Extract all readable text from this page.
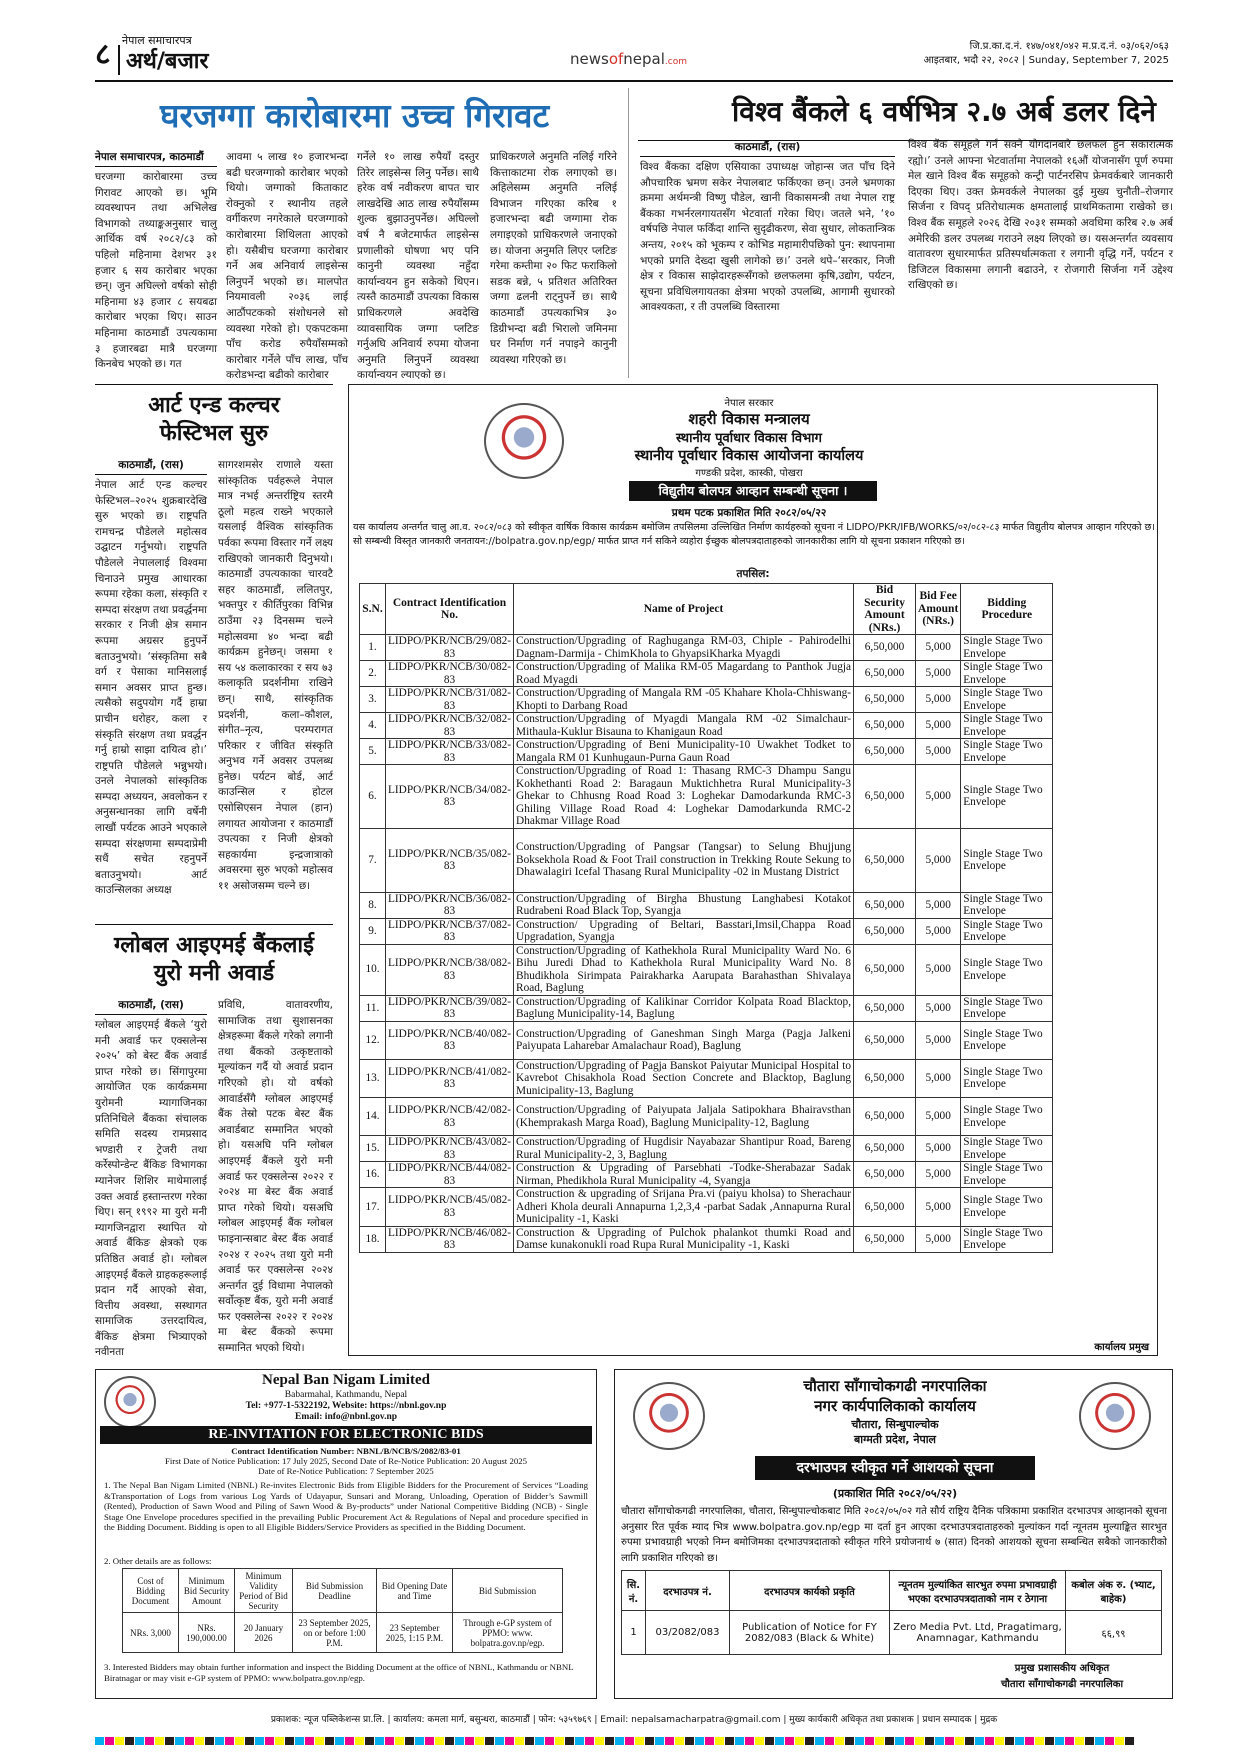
८ नेपाल समाचारपत्र
अर्थ/बजार	newsofnepal.com
जि.प्र.का.द.नं. १४७/०४१/०४२ म.प्र.द.नं. ०३/०६२/०६३
आइतबार, भदौ २२, २०८२ | Sunday, September 7, 2025
घरजग्गा कारोबारमा उच्च गिरावट
नेपाल समाचारपत्र, काठमाडौं
घरजग्गा कारोबारमा उच्च गिरावट आएको छ। भूमि व्यवस्थापन तथा अभिलेख विभागको तथ्याङ्कअनुसार चालु आर्थिक वर्ष २०८२/८३ को पहिलो महिनामा देशभर ३१ हजार ६ सय कारोबार भएका छन्। जुन अघिल्लो वर्षको सोही महिनामा ४३ हजार ८ सयबढा कारोबार भएका थिए। साउन महिनामा काठमाडौं उपत्यकामा ३ हजारबढा मात्रै घरजग्गा किनबेच भएको छ। गत
आवमा ५ लाख १० हजारभन्दा बढी घरजग्गाको कारोबार भएको थियो। जग्गाको किताकाट रोक्नुको र स्थानीय तहले वर्गीकरण नगरेकाले घरजग्गाको कारोबारमा शिथिलता आएको हो। यसैबीच घरजग्गा कारोबार गर्ने अब अनिवार्य लाइसेन्स लिनुपर्ने भएको छ। मालपोत नियमावली २०३६ लाई आठौंपटकको संशोधनले सो व्यवस्था गरेको हो। एकपटकमा पाँच करोड रुपैयाँसम्मको कारोबार गर्नेले पाँच लाख, पाँच करोडभन्दा बढीको कारोबार
गर्नेले १० लाख रुपैयाँ दस्तुर तिरेर लाइसेन्स लिनु पर्नेछ। साथै हरेक वर्ष नवीकरण बापत चार लाखदेखि आठ लाख रुपैयाँसम्म शुल्क बुझाउनुपर्नेछ। अघिल्लो वर्ष नै बजेटमार्फत लाइसेन्स प्रणालीको घोषणा भए पनि कानुनी व्यवस्था नहुँदा कार्यान्वयन हुन सकेको थिएन। त्यस्तै काठमाडौं उपत्यका विकास प्राधिकरणले अवदेखि व्यावसायिक जग्गा प्लटिङ गर्नुअघि अनिवार्य रुपमा योजना अनुमति लिनुपर्ने व्यवस्था कार्यान्वयन ल्याएको छ।
प्राधिकरणले अनुमति नलिई गरिने कित्ताकाटमा रोक लगाएको छ। अहिलेसम्म अनुमति नलिई विभाजन गरिएका करिब १ हजारभन्दा बढी जग्गामा रोक लगाइएको प्राधिकरणले जनाएको छ। योजना अनुमति लिएर प्लटिङ गरेमा कम्तीमा २० फिट फराकिलो सडक बन्ने, ५ प्रतिशत अतिरिक्त जग्गा ढलनी राट्नुपर्ने छ। साथै काठमाडौं उपत्यकाभित्र ३० डिग्रीभन्दा बढी भिरालो जमिनमा घर निर्माण गर्न नपाइने कानुनी व्यवस्था गरिएको छ।
विश्व बैंकले ६ वर्षभित्र २.७ अर्ब डलर दिने
काठमाडौं, (रास)
विश्व बैंकका दक्षिण एसियाका उपाध्यक्ष जोहान्स जत पाँच दिने औपचारिक भ्रमण सकेर नेपालबाट फर्किएका छन्। उनले भ्रमणका क्रममा अर्थमन्त्री विष्णु पौडेल, खानी विकासमन्त्री तथा नेपाल राष्ट्र बैंकका गभर्नरलगायतसँग भेटवार्ता गरेका थिए। जतले भने, ‘१० वर्षपछि नेपाल फर्किंदा शान्ति सुदृढीकरण, सेवा सुधार, लोकतान्त्रिक अन्तय, २०१५ को भूकम्प र कोभिड महामारीपछिको पुन: स्थापनामा भएको प्रगति देख्दा खुसी लागेको छ।’ उनले थपे–‘सरकार, निजी क्षेत्र र विकास साझेदारहरूसँगको छलफलमा कृषि,उद्योग, पर्यटन, सूचना प्रविधिलगायतका क्षेत्रमा भएको उपलब्धि, आगामी सुधारको आवश्यकता, र ती उपलब्धि विस्तारमा
विश्व बैंक समूहले गर्न सक्ने योगदानबारे छलफल हुन सकारात्मक रह्यो।’ उनले आफ्ना भेटवार्तामा नेपालको १६औं योजनासँग पूर्ण रुपमा मेल खाने विश्व बैंक समूहको कन्ट्री पार्टनरसिप फ्रेमवर्कबारे जानकारी दिएका थिए। उक्त फ्रेमवर्कले नेपालका दुई मुख्य चुनौती–रोजगार सिर्जना र विपद् प्रतिरोधात्मक क्षमतालाई प्राथमिकतामा राखेको छ। विश्व बैंक समूहले २०२६ देखि २०३१ सम्मको अवधिमा करिब २.७ अर्ब अमेरिकी डलर उपलब्ध गराउने लक्ष्य लिएको छ। यसअन्तर्गत व्यवसाय वातावरण सुधारमार्फत प्रतिस्पर्धात्मकता र लगानी वृद्धि गर्ने, पर्यटन र डिजिटल विकासमा लगानी बढाउने, र रोजगारी सिर्जना गर्ने उद्देश्य राखिएको छ।
आर्ट एन्ड कल्चर
फेस्टिभल सुरु
काठमाडौं, (रास)
नेपाल आर्ट एन्ड कल्चर फेस्टिभल–२०२५ शुक्रबारदेखि सुरु भएको छ। राष्ट्रपति रामचन्द्र पौडेलले महोत्सव उद्घाटन गर्नुभयो। राष्ट्रपति पौडेलले नेपाललाई विश्वमा चिनाउने प्रमुख आधारका रूपमा रहेका कला, संस्कृति र सम्पदा संरक्षण तथा प्रवर्द्धनमा सरकार र निजी क्षेत्र समान रूपमा अग्रसर हुनुपर्ने बताउनुभयो। ‘संस्कृतिमा सबै वर्ग र पेसाका मानिसलाई समान अवसर प्राप्त हुन्छ। त्यसैको सदुपयोग गर्दै हाम्रा प्राचीन धरोहर, कला र संस्कृति संरक्षण तथा प्रवर्द्धन गर्नु हाम्रो साझा दायित्व हो।’ राष्ट्रपति पौडेलले भन्नुभयो। उनले नेपालको सांस्कृतिक सम्पदा अध्ययन, अवलोकन र अनुसन्धानका लागि वर्षेनी लाखौं पर्यटक आउने भएकाले सम्पदा संरक्षणमा सम्पदाप्रेमी सधैं सचेत रहनुपर्ने बताउनुभयो। आर्ट काउन्सिलका अध्यक्ष
सागरशमसेर राणाले यस्ता सांस्कृतिक पर्वहरूले नेपाल मात्र नभई अन्तर्राष्ट्रिय स्तरमै ठूलो महत्व राख्ने भएकाले यसलाई वैश्विक सांस्कृतिक पर्वका रूपमा विस्तार गर्ने लक्ष्य राखिएको जानकारी दिनुभयो। काठमाडौं उपत्यकाका चारवटै सहर काठमाडौं, ललितपुर, भक्तपुर र कीर्तिपुरका विभिन्न ठाउँमा २३ दिनसम्म चल्ने महोत्सवमा ४० भन्दा बढी कार्यक्रम हुनेछन्। जसमा १ सय ५४ कलाकारका र सय ७३ कलाकृति प्रदर्शनीमा राखिने छन्। साथै, सांस्कृतिक प्रदर्शनी, कला–कौशल, संगीत–नृत्य, परम्परागत परिकार र जीवित संस्कृति अनुभव गर्ने अवसर उपलब्ध हुनेछ। पर्यटन बोर्ड, आर्ट काउन्सिल र होटल एसोसिएसन नेपाल (हान) लगायत आयोजना र काठमाडौं उपत्यका र निजी क्षेत्रको सहकार्यमा इन्द्रजात्राको अवसरमा सुरु भएको महोत्सव ११ असोजसम्म चल्ने छ।
ग्लोबल आइएमई बैंकलाई
युरो मनी अवार्ड
काठमाडौं, (रास)
ग्लोबल आइएमई बैंकले ‘युरो मनी अवार्ड फर एक्सलेन्स २०२५’ को बेस्ट बैंक अवार्ड प्राप्त गरेको छ। सिंगापुरमा आयोजित एक कार्यक्रममा युरोमनी म्यागाजिनका प्रतिनिधिले बैंकका संचालक समिति सदस्य रामप्रसाद भण्डारी र ट्रेजरी तथा कर्रेस्पोन्डेन्ट बैंकिङ विभागका म्यानेजर शिशिर माथेमालाई उक्त अवार्ड हस्तान्तरण गरेका थिए। सन् १९९२ मा युरो मनी म्यागजिनद्वारा स्थापित यो अवार्ड बैंकिङ क्षेत्रको एक प्रतिष्ठित अवार्ड हो। ग्लोबल आइएमई बैंकले ग्राहकहरूलाई प्रदान गर्दै आएको सेवा, वित्तीय अवस्था, सस्थागत सामाजिक उत्तरदायित्व, बैंकिङ क्षेत्रमा भित्र्याएको नवीनता
प्रविधि, वातावरणीय, सामाजिक तथा सुशासनका क्षेत्रहरूमा बैंकले गरेको लगानी तथा बैंकको उत्कृष्टताको मूल्यांकन गर्दै यो अवार्ड प्रदान गरिएको हो। यो वर्षको आवार्डसँगै ग्लोबल आइएमई बैंक तेस्रो पटक बेस्ट बैंक अवार्डबाट सम्मानित भएको हो। यसअघि पनि ग्लोबल आइएमई बैंकले युरो मनी अवार्ड फर एक्सलेन्स २०२२ र २०२४ मा बेस्ट बैंक अवार्ड प्राप्त गरेको थियो। यसअघि ग्लोबल आइएमई बैंक ग्लोबल फाइनान्सबाट बेस्ट बैंक अवार्ड २०२४ र २०२५ तथा युरो मनी अवार्ड फर एक्सलेन्स २०२४ अन्तर्गत दुई विधामा नेपालको सर्वोत्कृष्ट बैंक, युरो मनी अवार्ड फर एक्सलेन्स २०२२ र २०२४ मा बेस्ट बैंकको रूपमा सम्मानित भएको थियो।
नेपाल सरकार
शहरी विकास मन्त्रालय
स्थानीय पूर्वाधार विकास विभाग
स्थानीय पूर्वाधार विकास आयोजना कार्यालय
गण्डकी प्रदेश, कास्की, पोखरा
विद्युतीय बोलपत्र आव्हान सम्बन्धी सूचना ।
प्रथम पटक प्रकाशित मिति २०८२/०५/२२
यस कार्यालय अन्तर्गत चालु आ.व. २०८२/०८३ को स्वीकृत वार्षिक विकास कार्यक्रम बमोजिम तपसिलमा उल्लिखित निर्माण कार्यहरुको सूचना नं LIDPO/PKR/IFB/WORKS/०२/०८२-८३ मार्फत विद्युतीय बोलपत्र आव्हान गरिएको छ। सो सम्बन्धी विस्तृत जानकारी जनतायन://bolpatra.gov.np/egp/ मार्फत प्राप्त गर्न सकिने व्यहोरा ईच्छुक बोलपत्रदाताहरुको जानकारीका लागि यो सूचना प्रकाशन गरिएको छ।
तपसिल:
S.N.	Contract Identification No.	Name of Project	Bid Security Amount (NRs.)	Bid Fee Amount (NRs.)	Bidding Procedure
1.	LIDPO/PKR/NCB/29/082-83	Construction/Upgrading of Raghuganga RM-03, Chiple - Pahirodelhi Dagnam-Darmija - ChimKhola to GhyapsiKharka Myagdi	6,50,000	5,000	Single Stage Two Envelope
2.	LIDPO/PKR/NCB/30/082-83	Construction/Upgrading of Malika RM-05 Magardang to Panthok Jugja Road Myagdi	6,50,000	5,000	Single Stage Two Envelope
3.	LIDPO/PKR/NCB/31/082-83	Construction/Upgrading of Mangala RM -05 Khahare Khola-Chhiswang-Khopti to Darbang Road	6,50,000	5,000	Single Stage Two Envelope
4.	LIDPO/PKR/NCB/32/082-83	Construction/Upgrading of Myagdi Mangala RM -02 Simalchaur-Mithaula-Kuklur Bisauna to Khanigaun Road	6,50,000	5,000	Single Stage Two Envelope
5.	LIDPO/PKR/NCB/33/082-83	Construction/Upgrading of Beni Municipality-10 Uwakhet Todket to Mangala RM 01 Kunhugaun-Purna Gaun Road	6,50,000	5,000	Single Stage Two Envelope
6.	LIDPO/PKR/NCB/34/082-83	Construction/Upgrading of Road 1: Thasang RMC-3 Dhampu Sangu Kokhethanti Road 2: Baragaun Muktichhetra Rural Municipality-3 Ghekar to Chhusng Road Road 3: Loghekar Damodarkunda RMC-3 Ghiling Village Road Road 4: Loghekar Damodarkunda RMC-2 Dhakmar Village Road	6,50,000	5,000	Single Stage Two Envelope
7.	LIDPO/PKR/NCB/35/082-83	Construction/Upgrading of Pangsar (Tangsar) to Selung Bhujjung Boksekhola Road & Foot Trail construction in Trekking Route Sekung to Dhawalagiri Icefal Thasang Rural Municipality -02 in Mustang District	6,50,000	5,000	Single Stage Two Envelope
8.	LIDPO/PKR/NCB/36/082-83	Construction/Upgrading of Birgha Bhustung Langhabesi Kotakot Rudrabeni Road Black Top, Syangja	6,50,000	5,000	Single Stage Two Envelope
9.	LIDPO/PKR/NCB/37/082-83	Construction/ Upgrading of Beltari, Basstari,Imsil,Chappa Road Upgradation, Syangja	6,50,000	5,000	Single Stage Two Envelope
10.	LIDPO/PKR/NCB/38/082-83	Construction/Upgrading of Kathekhola Rural Municipality Ward No. 6 Bihu Juredi Dhad to Kathekhola Rural Municipality Ward No. 8 Bhudikhola Sirimpata Pairakharka Aarupata Barahasthan Shivalaya Road, Baglung	6,50,000	5,000	Single Stage Two Envelope
11.	LIDPO/PKR/NCB/39/082-83	Construction/Upgrading of Kalikinar Corridor Kolpata Road Blacktop, Baglung Municipality-14, Baglung	6,50,000	5,000	Single Stage Two Envelope
12.	LIDPO/PKR/NCB/40/082-83	Construction/Upgrading of Ganeshman Singh Marga (Pagja Jalkeni Paiyupata Laharebar Amalachaur Road), Baglung	6,50,000	5,000	Single Stage Two Envelope
13.	LIDPO/PKR/NCB/41/082-83	Construction/Upgrading of Pagja Banskot Paiyutar Municipal Hospital to Kavrebot Chisakhola Road Section Concrete and Blacktop, Baglung Municipality-13, Baglung	6,50,000	5,000	Single Stage Two Envelope
14.	LIDPO/PKR/NCB/42/082-83	Construction/Upgrading of Paiyupata Jaljala Satipokhara Bhairavsthan (Khemprakash Marga Road), Baglung Municipality-12, Baglung	6,50,000	5,000	Single Stage Two Envelope
15.	LIDPO/PKR/NCB/43/082-83	Construction/Upgrading of Hugdisir Nayabazar Shantipur Road, Bareng Rural Municipality-2, 3, Baglung	6,50,000	5,000	Single Stage Two Envelope
16.	LIDPO/PKR/NCB/44/082-83	Construction & Upgrading of Parsebhati -Todke-Sherabazar Sadak Nirman, Phedikhola Rural Municipality -4, Syangja	6,50,000	5,000	Single Stage Two Envelope
17.	LIDPO/PKR/NCB/45/082-83	Construction & upgrading of Srijana Pra.vi (paiyu kholsa) to Sherachaur Adheri Khola deurali Annapurna 1,2,3,4 -parbat Sadak ,Annapurna Rural Municipality -1, Kaski	6,50,000	5,000	Single Stage Two Envelope
18.	LIDPO/PKR/NCB/46/082-83	Construction & Upgrading of Pulchok phalankot thumki Road and Damse kunakonukli road Rupa Rural Municipality -1, Kaski	6,50,000	5,000	Single Stage Two Envelope
कार्यालय प्रमुख
Nepal Ban Nigam Limited
Babarmahal, Kathmandu, Nepal
Tel: +977-1-5322192, Website: https://nbnl.gov.np
Email: info@nbnl.gov.np
RE-INVITATION FOR ELECTRONIC BIDS
Contract Identification Number: NBNL/B/NCB/S/2082/83-01
First Date of Notice Publication: 17 July 2025, Second Date of Re-Notice Publication: 20 August 2025
Date of Re-Notice Publication: 7 September 2025
1. The Nepal Ban Nigam Limited (NBNL) Re-invites Electronic Bids from Eligible Bidders for the Procurement of Services “Loading &Transportation of Logs from various Log Yards of Udayapur, Sunsari and Morang, Unloading, Operation of Bidder’s Sawmill (Rented), Production of Sawn Wood and Piling of Sawn Wood & By-products” under National Competitive Bidding (NCB) - Single Stage One Envelope procedures specified in the prevailing Public Procurement Act & Regulations of Nepal and procedure specified in the Bidding Document. Bidding is open to all Eligible Bidders/Service Providers as specified in the Bidding Document.
2. Other details are as follows:
Cost of Bidding Document	Minimum Bid Security Amount	Minimum Validity Period of Bid Security	Bid Submission Deadline	Bid Opening Date and Time	Bid Submission
NRs. 3,000	NRs. 190,000.00	20 January 2026	23 September 2025, on or before 1:00 P.M.	23 September 2025, 1:15 P.M.	Through e-GP system of PPMO: www. bolpatra.gov.np/egp.
3. Interested Bidders may obtain further information and inspect the Bidding Document at the office of NBNL, Kathmandu or NBNL Biratnagar or may visit e-GP system of PPMO: www.bolpatra.gov.np/egp.
चौतारा साँगाचोकगढी नगरपालिका
नगर कार्यपालिकाको कार्यालय
चौतारा, सिन्धुपाल्चोक
बाग्मती प्रदेश, नेपाल
दरभाउपत्र स्वीकृत गर्ने आशयको सूचना
(प्रकाशित मिति २०८२/०५/२२)
चौतारा साँगाचोकगढी नगरपालिका, चौतारा, सिन्धुपाल्चोकबाट मिति २०८२/०५/०२ गते सौर्य राष्ट्रिय दैनिक पत्रिकामा प्रकाशित दरभाउपत्र आव्हानको सूचना अनुसार रित पूर्वक म्याद भित्र www.bolpatra.gov.np/egp मा दर्ता हुन आएका दरभाउपत्रदाताहरुको मुल्यांकन गर्दा न्यूनतम मुल्याङ्कित सारभुत रुपमा प्रभावग्राही भएको निम्न बमोजिमका दरभाउपत्रदाताको स्वीकृत गरिने प्रयोजनार्थ ७ (सात) दिनको आशयको सूचना सम्बन्धित सबैको जानकारीको लागि प्रकाशित गरिएको छ।
सि. नं.	दरभाउपत्र नं.	दरभाउपत्र कार्यको प्रकृति	न्यूनतम मुल्यांकित सारभुत रुपमा प्रभावग्राही भएका दरभाउपत्रदाताको नाम र ठेगाना	कबोल अंक रु. (भ्याट, बाहेक)
1	03/2082/083	Publication of Notice for FY 2082/083 (Black & White)	Zero Media Pvt. Ltd, Pragatimarg, Anamnagar, Kathmandu	६६,९९
प्रमुख प्रशासकीय अधिकृत
चौतारा साँगाचोकगढी नगरपालिका
प्रकाशक: न्यूज पब्लिकेशन्स प्रा.लि. | कार्यालय: कमला मार्ग, बसुन्धरा, काठमाडौं | फोन: ५३५९७६९ | Email: nepalsamacharpatra@gmail.com | मुख्य कार्यकारी अधिकृत तथा प्रकाशक | प्रधान सम्पादक | मुद्रक
